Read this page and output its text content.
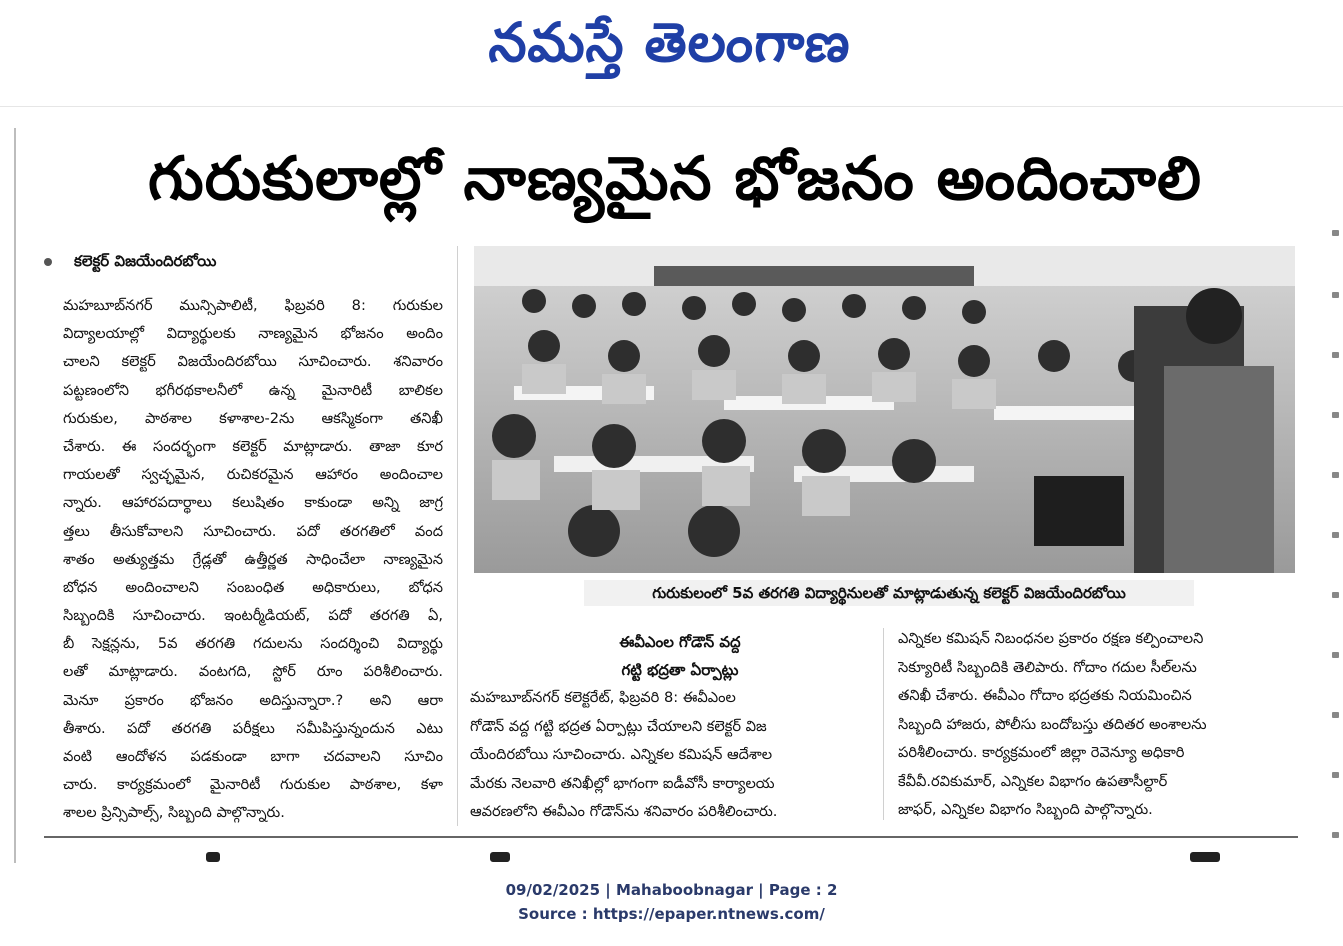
నమస్తే తెలంగాణ
గురుకులాల్లో నాణ్యమైన భోజనం అందించాలి
కలెక్టర్ విజయేందిరబోయి
మహబూబ్‌నగర్ మున్సిపాలిటీ, ఫిబ్రవరి 8: గురుకుల
విద్యాలయాల్లో విద్యార్థులకు నాణ్యమైన భోజనం అందిం
చాలని కలెక్టర్ విజయేందిరబోయి సూచించారు. శనివారం
పట్టణంలోని భగీరథకాలనీలో ఉన్న మైనారిటీ బాలికల
గురుకుల, పాఠశాల కళాశాల-2ను ఆకస్మికంగా తనిఖీ
చేశారు. ఈ సందర్భంగా కలెక్టర్ మాట్లాడారు. తాజా కూర
గాయలతో స్వచ్ఛమైన, రుచికరమైన ఆహారం అందించాల
న్నారు. ఆహారపదార్థాలు కలుషితం కాకుండా అన్ని జాగ్ర
త్తలు తీసుకోవాలని సూచించారు. పదో తరగతిలో వంద
శాతం అత్యుత్తమ గ్రేడ్లతో ఉత్తీర్ణత సాధించేలా నాణ్యమైన
బోధన అందించాలని సంబంధిత అధికారులు, బోధన
సిబ్బందికి సూచించారు. ఇంటర్మీడియట్, పదో తరగతి ఏ,
బీ సెక్షన్లను, 5వ తరగతి గదులను సందర్శించి విద్యార్థు
లతో మాట్లాడారు. వంటగది, స్టోర్ రూం పరిశీలించారు.
మెనూ ప్రకారం భోజనం అదిస్తున్నారా.? అని ఆరా
తీశారు. పదో తరగతి పరీక్షలు సమీపిస్తున్నందున ఎటు
వంటి ఆందోళన పడకుండా బాగా చదవాలని సూచిం
చారు. కార్యక్రమంలో మైనారిటీ గురుకుల పాఠశాల, కళా
శాలల ప్రిన్సిపాల్స్, సిబ్బంది పాల్గొన్నారు.
గురుకులంలో 5వ తరగతి విద్యార్థినులతో మాట్లాడుతున్న కలెక్టర్ విజయేందిరబోయి
ఈవీఎంల గోడౌన్ వద్ద
గట్టి భద్రతా ఏర్పాట్లు
మహబూబ్‌నగర్ కలెక్టరేట్, ఫిబ్రవరి 8: ఈవీఎంల
గోడౌన్ వద్ద గట్టి భద్రత ఏర్పాట్లు చేయాలని కలెక్టర్ విజ
యేందిరబోయి సూచించారు. ఎన్నికల కమిషన్ ఆదేశాల
మేరకు నెలవారి తనిఖీల్లో భాగంగా ఐడీవోసీ కార్యాలయ
ఆవరణలోని ఈవీఎం గోడౌన్‌ను శనివారం పరిశీలించారు.
ఎన్నికల కమిషన్ నిబంధనల ప్రకారం రక్షణ కల్పించాలని
సెక్యూరిటీ సిబ్బందికి తెలిపారు. గోదాం గదుల సీల్‌లను
తనిఖీ చేశారు. ఈవీఎం గోదాం భద్రతకు నియమించిన
సిబ్బంది హాజరు, పోలీసు బందోబస్తు తదితర అంశాలను
పరిశీలించారు. కార్యక్రమంలో జిల్లా రెవెన్యూ అధికారి
కేవీవీ.రవికుమార్, ఎన్నికల విభాగం ఉపతాసీల్దార్
జాఫర్, ఎన్నికల విభాగం సిబ్బంది పాల్గొన్నారు.
09/02/2025 | Mahaboobnagar | Page : 2
Source : https://epaper.ntnews.com/
